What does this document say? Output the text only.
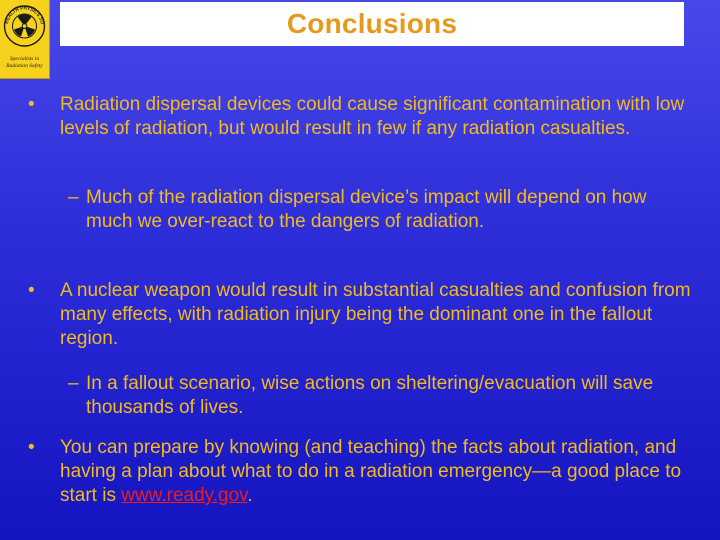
HEALTH PHYSICS SO
Specialists in
Radiation Safety
Conclusions
• Radiation dispersal devices could cause significant contamination with low levels of radiation, but would result in few if any radiation casualties.
– Much of the radiation dispersal device’s impact will depend on how much we over-react to the dangers of radiation.
• A nuclear weapon would result in substantial casualties and confusion from many effects, with radiation injury being the dominant one in the fallout region.
– In a fallout scenario, wise actions on sheltering/evacuation will save thousands of lives.
• You can prepare by knowing (and teaching) the facts about radiation, and having a plan about what to do in a radiation emergency—a good place to start is www.ready.gov.
